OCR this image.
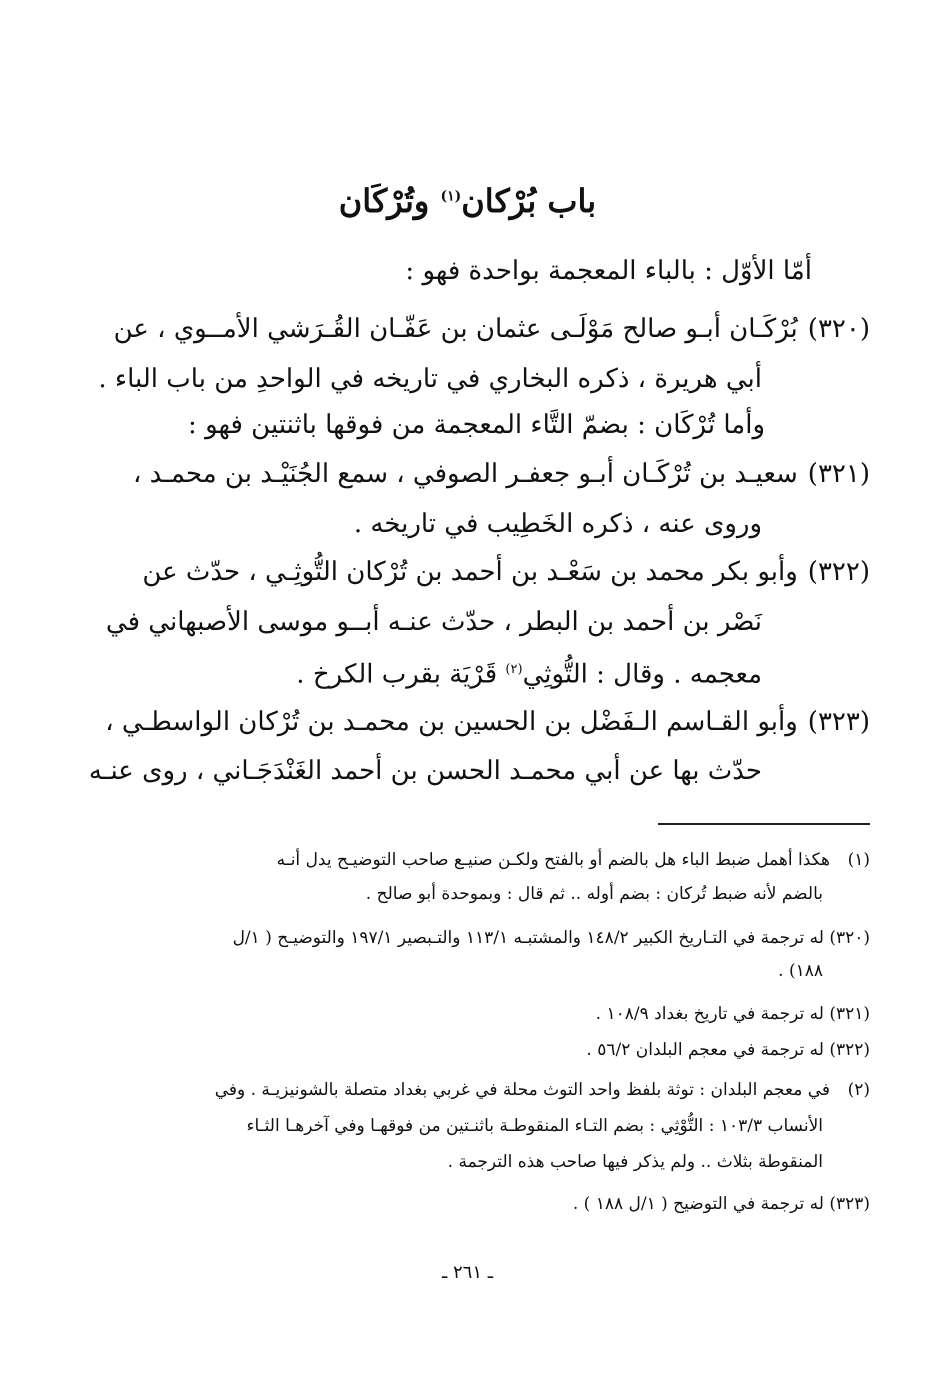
باب بُرْكان$^{(١)}$ وتُرْكَان
أمّا الأوّل : بالباء المعجمة بواحدة فهو :
(٣٢٠)بُرْكَـان أبـو صالح مَوْلَـى عثمان بن عَفّـان القُـرَشي الأمــوي ، عن
أبي هريرة ، ذكره البخاري في تاريخه في الواحدِ من باب الباء .
وأما تُرْكَان : بضمّ التَّاء المعجمة من فوقها باثنتين فهو :
(٣٢١)سعيـد بن تُرْكَـان أبـو جعفـر الصوفي ، سمع الجُنَيْـد بن محمـد ،
وروى عنه ، ذكره الخَطِيب في تاريخه .
(٣٢٢)وأبو بكر محمد بن سَعْـد بن أحمد بن تُرْكان التُّوثِـي ، حدّث عن
نَصْر بن أحمد بن البطر ، حدّث عنـه أبــو موسى الأصبهاني في
معجمه . وقال : التُّوثِي$^{(٢)}$ قَرْيَة بقرب الكرخ .
(٣٢٣)وأبو القـاسم الـفَضْل بن الحسين بن محمـد بن تُرْكان الواسطـي ،
حدّث بها عن أبي محمـد الحسن بن أحمد الغَنْدَجَـاني ، روى عنـه
(١)هكذا أهمل ضبط الباء هل بالضم أو بالفتح ولكـن صنيـع صاحب التوضيـح يدل أنـه
بالضم لأنه ضبط تُركان : بضم أوله .. ثم قال : وبموحدة أبو صالح .
(٣٢٠) له ترجمة في التـاريخ الكبير ١٤٨/٢ والمشتبـه ١١٣/١ والتـبصير ١٩٧/١ والتوضيـح ( ١/ل
١٨٨) .
(٣٢١) له ترجمة في تاريخ بغداد ١٠٨/٩ .
(٣٢٢) له ترجمة في معجم البلدان ٥٦/٢ .
(٢)في معجم البلدان : توثة بلفظ واحد التوث محلة في غربي بغداد متصلة بالشونيزيـة . وفي
الأنساب ١٠٣/٣ : التُّوْثِي : بضم التـاء المنقوطـة باثنـتين من فوقهـا وفي آخرهـا الثـاء
المنقوطة بثلاث .. ولم يذكر فيها صاحب هذه الترجمة .
(٣٢٣) له ترجمة في التوضيح ( ١/ل ١٨٨ ) .
ـ ٢٦١ ـ
